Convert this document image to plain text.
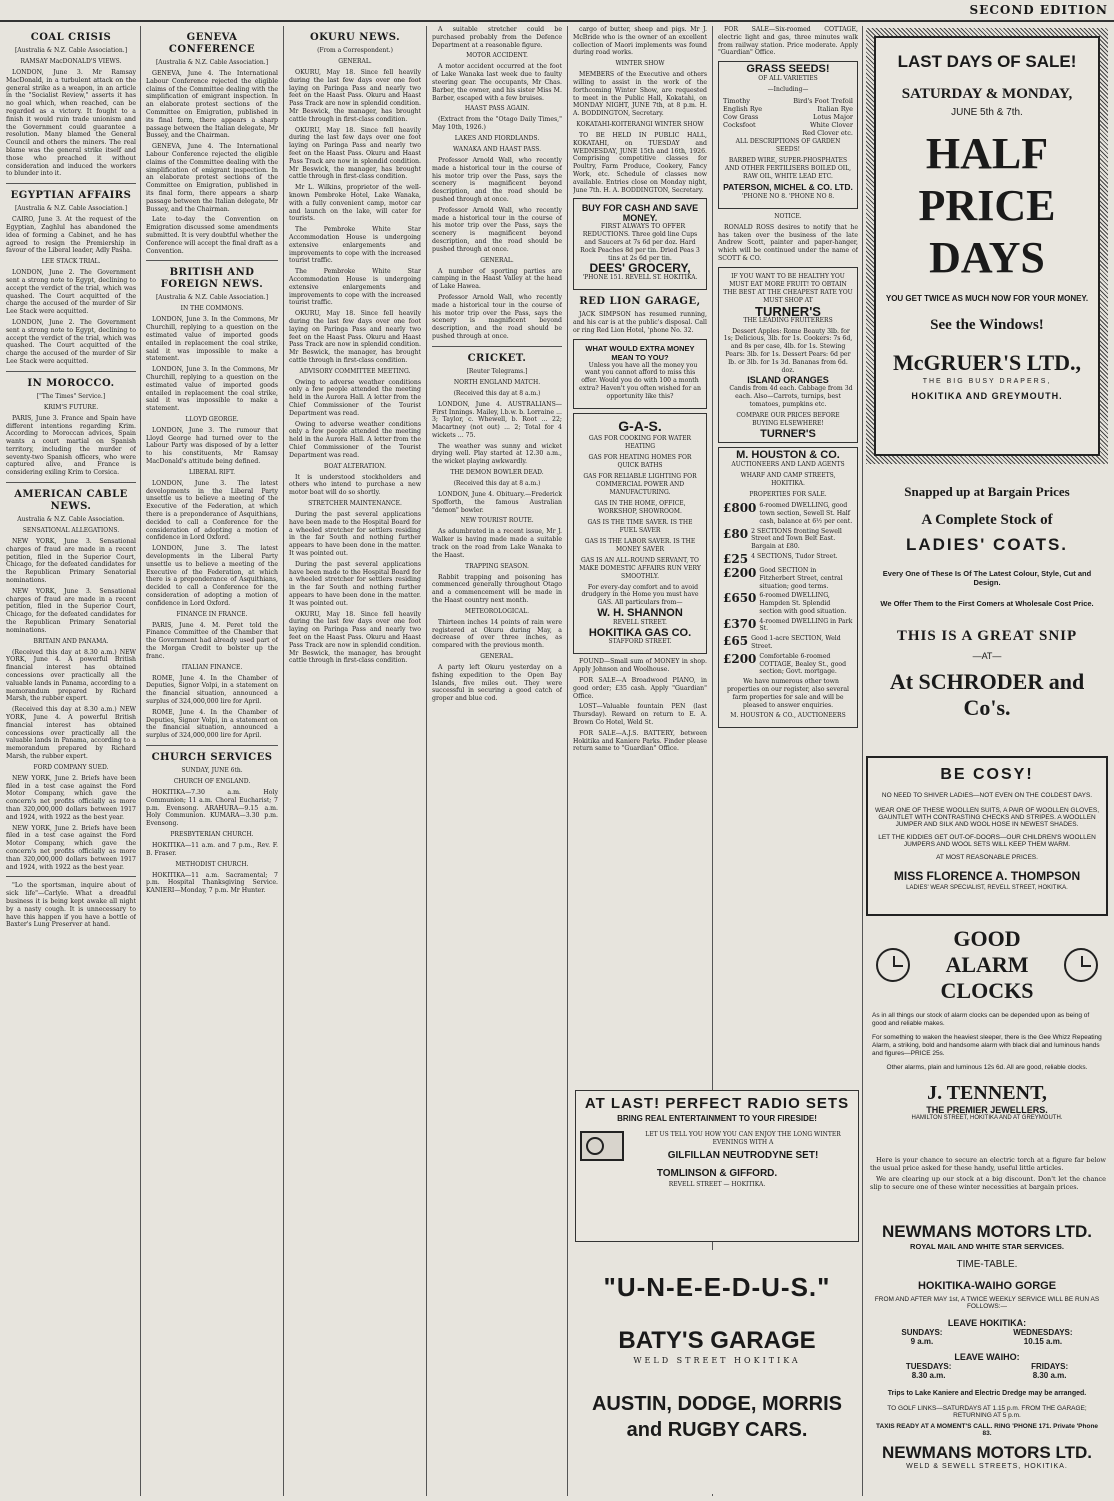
SECOND EDITION
COAL CRISIS
[Australia & N.Z. Cable Association.]
RAMSAY MacDONALD'S VIEWS.

LONDON, June 3. Mr Ramsay MacDonald, in a turbulent attack on the general strike as a weapon, in an article in the "Socialist Review," asserts it has no goal which, when reached, can be regarded as a victory. It fought to a finish it would ruin trade unionism and the Government could guarantee a resolution. Many blamed the General Council and others the miners. The real blame was the general strike itself and those who preached it without consideration and induced the workers to blunder into it.

EGYPTIAN AFFAIRS
[Australia & N.Z. Cable Association.]

CAIRO, June 3. At the request of the Egyptian, Zaghlul has abandoned the idea of forming a Cabinet, and he has agreed to resign the Premiership in favour of the Liberal leader, Adly Pasha.

LEE STACK TRIAL.

LONDON, June 2. The Government sent a strong note to Egypt, declining to accept the verdict of the trial, which was quashed. The Court acquitted of the charge the accused of the murder of Sir Lee Stack were acquitted.

LONDON, June 2. The Government sent a strong note to Egypt, declining to accept the verdict of the trial, which was quashed. The Court acquitted of the charge the accused of the murder of Sir Lee Stack were acquitted.

IN MOROCCO.
["The Times" Service.]
KRIM'S FUTURE.

PARIS, June 3. France and Spain have different intentions regarding Krim. According to Moroccan advices, Spain wants a court martial on Spanish territory, including the murder of seventy-two Spanish officers, who were captured alive, and France is considering exiling Krim to Corsica.

AMERICAN CABLE NEWS.
Australia & N.Z. Cable Association.
SENSATIONAL ALLEGATIONS.

NEW YORK, June 3. Sensational charges of fraud are made in a recent petition, filed in the Superior Court, Chicago, for the defeated candidates for the Republican Primary Senatorial nominations.

NEW YORK, June 3. Sensational charges of fraud are made in a recent petition, filed in the Superior Court, Chicago, for the defeated candidates for the Republican Primary Senatorial nominations.

BRITAIN AND PANAMA.

(Received this day at 8.30 a.m.) NEW YORK, June 4. A powerful British financial interest has obtained concessions over practically all the valuable lands in Panama, according to a memorandum prepared by Richard Marsh, the rubber expert.

(Received this day at 8.30 a.m.) NEW YORK, June 4. A powerful British financial interest has obtained concessions over practically all the valuable lands in Panama, according to a memorandum prepared by Richard Marsh, the rubber expert.

FORD COMPANY SUED.

NEW YORK, June 2. Briefs have been filed in a test case against the Ford Motor Company, which gave the concern's net profits officially as more than 320,000,000 dollars between 1917 and 1924, with 1922 as the best year.

NEW YORK, June 2. Briefs have been filed in a test case against the Ford Motor Company, which gave the concern's net profits officially as more than 320,000,000 dollars between 1917 and 1924, with 1922 as the best year.

"Lo the sportsman, inquire about of sick life"—Carlyle. What a dreadful business it is being kept awake all night by a nasty cough. It is unnecessary to have this happen if you have a bottle of Baxter's Lung Preserver at hand.

GENEVA CONFERENCE
[Australia & N.Z. Cable Association.]

GENEVA, June 4. The International Labour Conference rejected the eligible claims of the Committee dealing with the simplification of emigrant inspection. In an elaborate protest sections of the Committee on Emigration, published in its final form, there appears a sharp passage between the Italian delegate, Mr Bussey, and the Chairman.

GENEVA, June 4. The International Labour Conference rejected the eligible claims of the Committee dealing with the simplification of emigrant inspection. In an elaborate protest sections of the Committee on Emigration, published in its final form, there appears a sharp passage between the Italian delegate, Mr Bussey, and the Chairman.

Late to-day the Convention on Emigration discussed some amendments submitted. It is very doubtful whether the Conference will accept the final draft as a Convention.

BRITISH AND FOREIGN NEWS.
[Australia & N.Z. Cable Association.]
IN THE COMMONS.

LONDON, June 3. In the Commons, Mr Churchill, replying to a question on the estimated value of imported goods entailed in replacement the coal strike, said it was impossible to make a statement.

LONDON, June 3. In the Commons, Mr Churchill, replying to a question on the estimated value of imported goods entailed in replacement the coal strike, said it was impossible to make a statement.

LLOYD GEORGE.

LONDON, June 3. The rumour that Lloyd George had turned over to the Labour Party was disposed of by a letter to his constituents, Mr Ramsay MacDonald's attitude being defined.

LIBERAL RIFT.

LONDON, June 3. The latest developments in the Liberal Party unsettle us to believe a meeting of the Executive of the Federation, at which there is a preponderance of Asquithians, decided to call a Conference for the consideration of adopting a motion of confidence in Lord Oxford.

LONDON, June 3. The latest developments in the Liberal Party unsettle us to believe a meeting of the Executive of the Federation, at which there is a preponderance of Asquithians, decided to call a Conference for the consideration of adopting a motion of confidence in Lord Oxford.

FINANCE IN FRANCE.

PARIS, June 4. M. Peret told the Finance Committee of the Chamber that the Government had already used part of the Morgan Credit to bolster up the franc.

ITALIAN FINANCE.

ROME, June 4. In the Chamber of Deputies, Signor Volpi, in a statement on the financial situation, announced a surplus of 324,000,000 lire for April.

ROME, June 4. In the Chamber of Deputies, Signor Volpi, in a statement on the financial situation, announced a surplus of 324,000,000 lire for April.

CHURCH SERVICES
SUNDAY, JUNE 6th.
CHURCH OF ENGLAND.

HOKITIKA—7.30 a.m. Holy Communion; 11 a.m. Choral Eucharist; 7 p.m. Evensong. ARAHURA—9.15 a.m. Holy Communion. KUMARA—3.30 p.m. Evensong.

PRESBYTERIAN CHURCH.

HOKITIKA—11 a.m. and 7 p.m., Rev. F. B. Fraser.

METHODIST CHURCH.

HOKITIKA—11 a.m. Sacramental; 7 p.m. Hospital Thanksgiving Service. KANIERI—Monday, 7 p.m. Mr Hunter.

OKURU NEWS.
(From a Correspondent.)
GENERAL.

OKURU, May 18. Since fell heavily during the last few days over one foot laying on Paringa Pass and nearly two feet on the Haast Pass. Okuru and Haast Pass Track are now in splendid condition. Mr Beswick, the manager, has brought cattle through in first-class condition.

OKURU, May 18. Since fell heavily during the last few days over one foot laying on Paringa Pass and nearly two feet on the Haast Pass. Okuru and Haast Pass Track are now in splendid condition. Mr Beswick, the manager, has brought cattle through in first-class condition.

Mr L. Wilkins, proprietor of the well-known Pembroke Hotel, Lake Wanaka, with a fully convenient camp, motor car and launch on the lake, will cater for tourists.

The Pembroke White Star Accommodation House is undergoing extensive enlargements and improvements to cope with the increased tourist traffic.

The Pembroke White Star Accommodation House is undergoing extensive enlargements and improvements to cope with the increased tourist traffic.

OKURU, May 18. Since fell heavily during the last few days over one foot laying on Paringa Pass and nearly two feet on the Haast Pass. Okuru and Haast Pass Track are now in splendid condition. Mr Beswick, the manager, has brought cattle through in first-class condition.

ADVISORY COMMITTEE MEETING.

Owing to adverse weather conditions only a few people attended the meeting held in the Aurora Hall. A letter from the Chief Commissioner of the Tourist Department was read.

Owing to adverse weather conditions only a few people attended the meeting held in the Aurora Hall. A letter from the Chief Commissioner of the Tourist Department was read.

BOAT ALTERATION.

It is understood stockholders and others who intend to purchase a new motor boat will do so shortly.

STRETCHER MAINTENANCE.

During the past several applications have been made to the Hospital Board for a wheeled stretcher for settlers residing in the far South and nothing further appears to have been done in the matter. It was pointed out.

During the past several applications have been made to the Hospital Board for a wheeled stretcher for settlers residing in the far South and nothing further appears to have been done in the matter. It was pointed out.

OKURU, May 18. Since fell heavily during the last few days over one foot laying on Paringa Pass and nearly two feet on the Haast Pass. Okuru and Haast Pass Track are now in splendid condition. Mr Beswick, the manager, has brought cattle through in first-class condition.

A suitable stretcher could be purchased probably from the Defence Department at a reasonable figure.

MOTOR ACCIDENT.

A motor accident occurred at the foot of Lake Wanaka last week due to faulty steering gear. The occupants, Mr Chas. Barber, the owner, and his sister Miss M. Barber, escaped with a few bruises.

HAAST PASS AGAIN.

(Extract from the "Otago Daily Times," May 10th, 1926.)

LAKES AND FIORDLANDS.
WANAKA AND HAAST PASS.

Professor Arnold Wall, who recently made a historical tour in the course of his motor trip over the Pass, says the scenery is magnificent beyond description, and the road should be pushed through at once.

Professor Arnold Wall, who recently made a historical tour in the course of his motor trip over the Pass, says the scenery is magnificent beyond description, and the road should be pushed through at once.

GENERAL.

A number of sporting parties are camping in the Haast Valley at the head of Lake Hawea.

Professor Arnold Wall, who recently made a historical tour in the course of his motor trip over the Pass, says the scenery is magnificent beyond description, and the road should be pushed through at once.

CRICKET.
[Reuter Telegrams.]
NORTH ENGLAND MATCH.
(Received this day at 8 a.m.)

LONDON, June 4. AUSTRALIANS—First Innings. Mailey, l.b.w. b. Lorraine ... 3; Taylor, c. Whewell, b. Root ... 22; Macartney (not out) ... 2; Total for 4 wickets ... 75.

The weather was sunny and wicket drying well. Play started at 12.30 a.m., the wicket playing awkwardly.

THE DEMON BOWLER DEAD.
(Received this day at 8 a.m.)

LONDON, June 4. Obituary.—Frederick Spofforth, the famous Australian "demon" bowler.

NEW TOURIST ROUTE.

As adumbrated in a recent issue, Mr J. Walker is having made made a suitable track on the road from Lake Wanaka to the Haast.

TRAPPING SEASON.

Rabbit trapping and poisoning has commenced generally throughout Otago and a commencement will be made in the Haast country next month.

METEOROLOGICAL.

Thirteen inches 14 points of rain were registered at Okuru during May, a decrease of over three inches, as compared with the previous month.

GENERAL.

A party left Okuru yesterday on a fishing expedition to the Open Bay Islands, five miles out. They were successful in securing a good catch of groper and blue cod.

cargo of butter, sheep and pigs. Mr J. McBride who is the owner of an excellent collection of Maori implements was found during road works.

WINTER SHOW

MEMBERS of the Executive and others willing to assist in the work of the forthcoming Winter Show, are requested to meet in the Public Hall, Kokatahi, on MONDAY NIGHT, JUNE 7th, at 8 p.m. H. A. BODDINGTON, Secretary.

KOKATAHI-KOITERANGI WINTER SHOW

TO BE HELD IN PUBLIC HALL, KOKATAHI, on TUESDAY and WEDNESDAY, JUNE 15th and 16th, 1926. Comprising competitive classes for Poultry, Farm Produce, Cookery, Fancy Work, etc. Schedule of classes now available. Entries close on Monday night, June 7th. H. A. BODDINGTON, Secretary.

BUY FOR CASH AND SAVE MONEY.

FIRST ALWAYS TO OFFER REDUCTIONS. Three gold line Cups and Saucers at 7s 6d per doz. Hard Rock Peaches 8d per tin. Dried Peas 3 tins at 2s 6d per tin.

DEES' GROCERY,
'PHONE 151. REVELL ST. HOKITIKA.
RED LION GARAGE,

JACK SIMPSON has resumed running, and his car is at the public's disposal. Call or ring Red Lion Hotel, 'phone No. 32.

WHAT WOULD EXTRA MONEY MEAN TO YOU?

Unless you have all the money you want you cannot afford to miss this offer. Would you do with 100 a month extra? Haven't you often wished for an opportunity like this?

G-A-S.
GAS FOR COOKING FOR WATER HEATING
GAS FOR HEATING HOMES FOR QUICK BATHS
GAS FOR RELIABLE LIGHTING FOR COMMERCIAL POWER AND MANUFACTURING.
GAS IN THE HOME, OFFICE, WORKSHOP, SHOWROOM.
GAS IS THE TIME SAVER. IS THE FUEL SAVER
GAS IS THE LABOR SAVER. IS THE MONEY SAVER
GAS IS AN ALL-ROUND SERVANT, TO MAKE DOMESTIC AFFAIRS RUN VERY SMOOTHLY.

For every-day comfort and to avoid drudgery in the Home you must have GAS. All particulars from—

W. H. SHANNON
REVELL STREET.
HOKITIKA GAS CO.
STAFFORD STREET.

FOUND—Small sum of MONEY in shop. Apply Johnson and Woolhouse.

FOR SALE—A Broadwood PIANO, in good order; £35 cash. Apply "Guardian" Office.

LOST—Valuable fountain PEN (last Thursday). Reward on return to E. A. Brown Co Hotel, Weld St.

FOR SALE—A.J.S. BATTERY, between Hokitika and Kaniere Parks. Finder please return same to "Guardian" Office.

FOR SALE—Six-roomed COTTAGE, electric light and gas, three minutes walk from railway station. Price moderate. Apply "Guardian" Office.

GRASS SEEDS!
OF ALL VARIETIES
—Including—
Timothy	Bird's Foot Trefoil
English Rye	Italian Rye
Cow Grass	Lotus Major
Cocksfoot	White Clover
Red Clover etc.
ALL DESCRIPTIONS OF GARDEN SEEDS!
BARBED WIRE, SUPER-PHOSPHATES AND OTHER FERTILISERS BOILED OIL, RAW OIL, WHITE LEAD ETC.
PATERSON, MICHEL & CO. LTD.
'PHONE NO 8. 'PHONE NO 8.
NOTICE.

RONALD ROSS desires to notify that he has taken over the business of the late Andrew Scott, painter and paper-hanger, which will be continued under the name of SCOTT & CO.

IF YOU WANT TO BE HEALTHY YOU MUST EAT MORE FRUIT! TO OBTAIN THE BEST AT THE CHEAPEST RATE YOU MUST SHOP AT
TURNER'S
THE LEADING FRUITERERS

Dessert Apples: Rome Beauty 3lb. for 1s; Delicious, 3lb. for 1s. Cookers: 7s 6d, and 8s per case, 4lb. for 1s. Stewing Pears: 3lb. for 1s. Dessert Pears: 6d per lb. or 3lb. for 1s 3d. Bananas from 6d. doz.

ISLAND ORANGES

Candis from 4d each. Cabbage from 3d each. Also—Carrots, turnips, best tomatoes, pumpkins etc.

COMPARE OUR PRICES BEFORE BUYING ELSEWHERE!
TURNER'S
M. HOUSTON & CO.
AUCTIONEERS AND LAND AGENTS
WHARF AND CAMP STREETS, HOKITIKA.
PROPERTIES FOR SALE.
£800 6-roomed DWELLING, good town section, Sewell St. Half cash, balance at 6½ per cent.
£80 2 SECTIONS fronting Sewell Street and Town Belt East. Bargain at £80.
£25 4 SECTIONS, Tudor Street.
£200 Good SECTION in Fitzherbert Street, central situation; good terms.
£650 6-roomed DWELLING, Hampden St. Splendid section with good situation.
£370 4-roomed DWELLING in Park St.
£65 Good 1-acre SECTION, Weld Street.
£200 Comfortable 6-roomed COTTAGE, Bealey St., good section; Govt. mortgage.

We have numerous other town properties on our register, also several farm properties for sale and will be pleased to answer enquiries.

M. HOUSTON & CO., AUCTIONEERS
AT LAST! PERFECT RADIO SETS
BRING REAL ENTERTAINMENT TO YOUR FIRESIDE!
LET US TELL YOU HOW YOU CAN ENJOY THE LONG WINTER EVENINGS WITH A
GILFILLAN NEUTRODYNE SET!
TOMLINSON & GIFFORD.
REVELL STREET — HOKITIKA.
"U-N-E-E-D-U-S."
BATY'S GARAGE
WELD STREET HOKITIKA
AUSTIN, DODGE, MORRIS and RUGBY CARS.
LAST DAYS OF SALE!
SATURDAY & MONDAY,
JUNE 5th & 7th.
HALF
PRICE
DAYS
YOU GET TWICE AS MUCH NOW FOR YOUR MONEY.
See the Windows!
McGRUER'S LTD.,
THE BIG BUSY DRAPERS,
HOKITIKA AND GREYMOUTH.
Snapped up at Bargain Prices
A Complete Stock of
LADIES' COATS.
Every One of These Is Of The Latest Colour, Style, Cut and Design.
We Offer Them to the First Comers at Wholesale Cost Price.
THIS IS A GREAT SNIP
—AT—
At SCHRODER and Co's.
BE COSY!
NO NEED TO SHIVER LADIES—NOT EVEN ON THE COLDEST DAYS.
WEAR ONE OF THESE WOOLLEN SUITS, A PAIR OF WOOLLEN GLOVES, GAUNTLET WITH CONTRASTING CHECKS AND STRIPES. A WOOLLEN JUMPER AND SILK AND WOOL HOSE IN NEWEST SHADES.
LET THE KIDDIES GET OUT-OF-DOORS—OUR CHILDREN'S WOOLLEN JUMPERS AND WOOL SETS WILL KEEP THEM WARM.
AT MOST REASONABLE PRICES.
MISS FLORENCE A. THOMPSON
LADIES' WEAR SPECIALIST, REVELL STREET, HOKITIKA.
GOOD
ALARM
CLOCKS
As in all things our stock of alarm clocks can be depended upon as being of good and reliable makes.
For something to waken the heaviest sleeper, there is the Gee Whizz Repeating Alarm, a striking, bold and handsome alarm with black dial and luminous hands and figures—PRICE 25s.
Other alarms, plain and luminous 12s 6d. All are good, reliable clocks.
J. TENNENT,
THE PREMIER JEWELLERS.
HAMILTON STREET, HOKITIKA AND AT GREYMOUTH.

Here is your chance to secure an electric torch at a figure far below the usual price asked for these handy, useful little articles.

We are clearing up our stock at a big discount. Don't let the chance slip to secure one of these winter necessities at bargain prices.

NEWMANS MOTORS LTD.
ROYAL MAIL AND WHITE STAR SERVICES.
TIME-TABLE.
HOKITIKA-WAIHO GORGE
FROM AND AFTER MAY 1st, A TWICE WEEKLY SERVICE WILL BE RUN AS FOLLOWS:—
LEAVE HOKITIKA:
SUNDAYS:
9 a.m.
WEDNESDAYS:
10.15 a.m.
LEAVE WAIHO:
TUESDAYS:
8.30 a.m.
FRIDAYS:
8.30 a.m.
Trips to Lake Kaniere and Electric Dredge may be arranged.
TO GOLF LINKS—SATURDAYS AT 1.15 p.m. FROM THE GARAGE; RETURNING AT 5 p.m.
TAXIS READY AT A MOMENT'S CALL. RING 'PHONE 171. Private 'Phone 83.
NEWMANS MOTORS LTD.
WELD & SEWELL STREETS, HOKITIKA.
